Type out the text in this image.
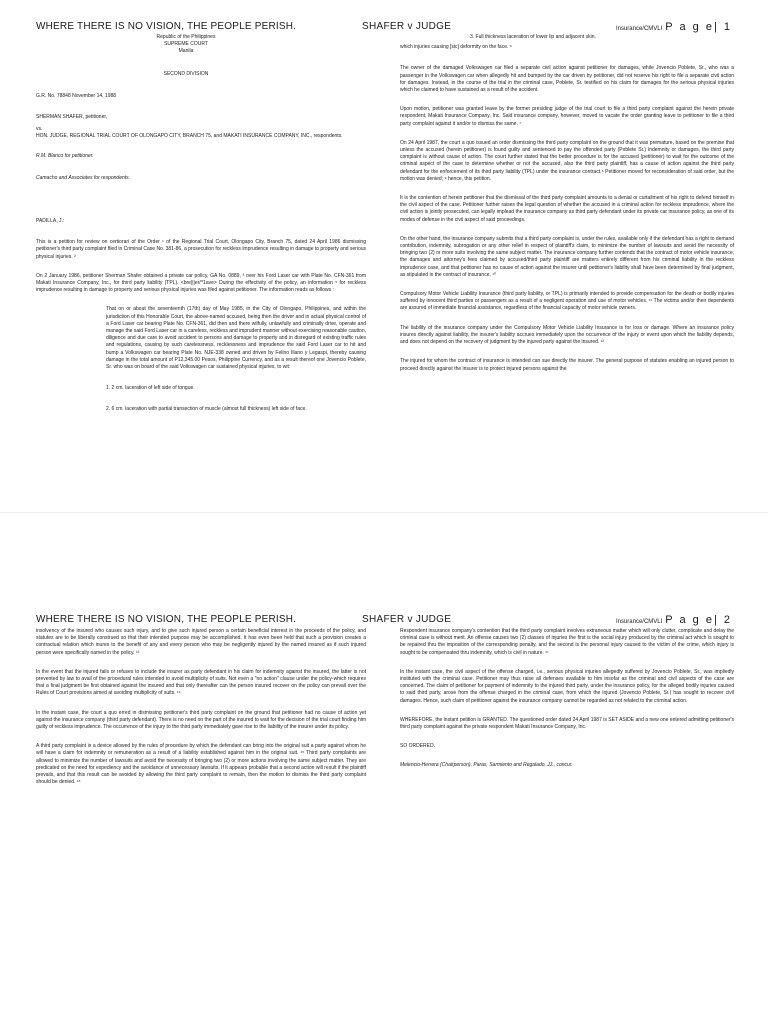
WHERE THERE IS NO VISION, THE PEOPLE PERISH.	SHAFER v JUDGE	Insurance/CMVLI P a g e| 1

Republic of the Philippines

SUPREME COURT

Manila

SECOND DIVISION

G.R. No. 78848 November 14, 1988

SHERMAN SHAFER, petitioner,

vs.

HON. JUDGE, REGIONAL TRIAL COURT OF OLONGAPO CITY, BRANCH 75, and MAKATI INSURANCE COMPANY, INC., respondents.

R.M. Blanco for petitioner.

Camacho and Associates for respondents.

PADILLA, J.:

This is a petition for review on certiorari of the Order ¹ of the Regional Trial Court, Olongapo City, Branch 75, dated 24 April 1986 dismissing petitioner's third party complaint filed in Criminal Case No. 381-86, a prosecution for reckless imprudence resulting in damage to property and serious physical injuries. ²

On 2 January 1986, petitioner Sherman Shafer obtained a private car policy, GA No. 0889, ³ over his Ford Laser car with Plate No. CFN-361 from Makati Insurance Company, Inc., for third party liability (TPL). <bre|||er/^1ave> During the effectivity of the policy, an information ⁵ for reckless imprudence resulting in damage to property and serious physical injuries was filed against petitioner. The information reads as follows :

That on or about the seventeenth (17th) day of May 1985, in the City of Olongapo, Philippines, and within the jurisdiction of this Honorable Court, the above-named accused, being then the driver and in actual physical control of a Ford Laser car bearing Plate No. CFN-361, did then and there wilfully, unlawfully and criminally drive, operate and manage the said Ford Laser car in a careless, reckless and imprudent manner without exercising reasonable caution, diligence and due care to avoid accident to persons and damage to property and in disregard of existing traffic rules and regulations, causing by such carelessness, recklessness and imprudence the said Ford Laser car to hit and bump a Volkswagen car bearing Plate No. NJE-338 owned and driven by Felino Illano y Legaspi, thereby causing damage in the total amount of P12,345.00 Pesos, Philippine Currency, and as a result thereof one Jovencio Poblete, Sr. who was on board of the said Volkswagen car sustained physical injuries, to wit:

1. 2 cm. laceration of left side of tongue.

2. 6 cm. laceration with partial transection of muscle (almost full thickness) left side of face.

3. Full thickness laceration of lower lip and adjacent skin.

which injuries causing [sic] deformity on the face. ⁶

The owner of the damaged Volkswagen car filed a separate civil action against petitioner for damages, while Jovencio Poblete, Sr., who was a passenger in the Volkswagen car when allegedly hit and bumped by the car driven by petitioner, did not reserve his right to file a separate civil action for damages. Instead, in the course of the trial in the criminal case, Poblete, Sr. testified on his claim for damages for the serious physical injuries which he claimed to have sustained as a result of the accident.

Upon motion, petitioner was granted leave by the former presiding judge of the trial court to file a third party complaint against the herein private respondent, Makati Insurance Company, Inc. Said insurance company, however, moved to vacate the order granting leave to petitioner to file a third party complaint against it and/or to dismiss the same. ⁷

On 24 April 1987, the court a quo issued an order dismissing the third party complaint on the ground that it was premature, based on the premise that unless the accused (herein petitioner) is found guilty and sentenced to pay the offended party (Poblete Sr.) indemnity or damages, the third party complaint is without cause of action. The court further stated that the better procedure is for the accused (petitioner) to wait for the outcome of the criminal aspect of the case to determine whether or not the accused, also the third party plaintiff, has a cause of action against the third party defendant for the enforcement of its third party liability (TPL) under the insurance contract.⁸ Petitioner moved for reconsideration of said order, but the motion was denied; ⁹ hence, this petition.

It is the contention of herein petitioner that the dismissal of the third party complaint amounts to a denial or curtailment of his right to defend himself in the civil aspect of the case. Petitioner further raises the legal question of whether the accused in a criminal action for reckless imprudence, where the civil action is jointly prosecuted, can legally implead the insurance company as third party defendant under its private car insurance policy, as one of its modes of defense in the civil aspect of said proceedings.

On the other hand, the insurance company submits that a third party complaint is, under the rules, available only if the defendant has a right to demand contribution, indemnity, subrogation or any other relief in respect of plaintiff's claim, to minimize the number of lawsuits and avoid the necessity of bringing two (2) or more suits involving the same subject matter. The insurance company further contends that the contract of motor vehicle insurance, the damages and attorney's fees claimed by accused/third party plaintiff are matters entirely different from his criminal liability in the reckless imprudence case, and that petitioner has no cause of action against the insurer until petitioner's liability shall have been determined by final judgment, as stipulated in the contract of insurance. ¹⁰

Compulsory Motor Vehicle Liability Insurance (third party liability, or TPL) is primarily intended to provide compensation for the death or bodily injuries suffered by innocent third parties or passengers as a result of a negligent operation and use of motor vehicles. ¹¹ The victims and/or their dependents are assured of immediate financial assistance, regardless of the financial capacity of motor vehicle owners.

The liability of the insurance company under the Compulsory Motor Vehicle Liability Insurance is for loss or damage. Where an insurance policy insures directly against liability, the insurer's liability accrues immediately upon the occurrence of the injury or event upon which the liability depends, and does not depend on the recovery of judgment by the injured party against the insured. ¹²

The injured for whom the contract of insurance is intended can sue directly the insurer. The general purpose of statutes enabling an injured person to proceed directly against the insurer is to protect injured persons against the

WHERE THERE IS NO VISION, THE PEOPLE PERISH.	SHAFER v JUDGE	Insurance/CMVLI P a g e| 2

insolvency of the insured who causes such injury, and to give such injured person a certain beneficial interest in the proceeds of the policy, and statutes are to be liberally construed so that their intended purpose may be accomplished. It has even been held that such a provision creates a contractual relation which inures to the benefit of any and every person who may be negligently injured by the named insured as if such injured person were specifically named in the policy. ¹³

In the event that the injured fails or refuses to include the insurer as party defendant in his claim for indemnity against the insured, the latter is not prevented by law to avail of the procedural rules intended to avoid multiplicity of suits. Not even a "no action" clause under the policy-which requires that a final judgment be first obtained against the insured and that only thereafter can the person insured recover on the policy can prevail over the Rules of Court provisions aimed at avoiding multiplicity of suits. ¹⁴

In the instant case, the court a quo erred in dismissing petitioner's third party complaint on the ground that petitioner had no cause of action yet against the insurance company (third party defendant). There is no need on the part of the insured to wait for the decision of the trial court finding him guilty of reckless imprudence. The occurrence of the injury to the third party immediately gave rise to the liability of the insurer under its policy.

A third party complaint is a device allowed by the rules of procedure by which the defendant can bring into the original suit a party against whom he will have a claim for indemnity or remuneration as a result of a liability established against him in the original suit. ¹⁵ Third party complaints are allowed to minimize the number of lawsuits and avoid the necessity of bringing two (2) or more actions involving the same subject matter. They are predicated on the need for expediency and the avoidance of unnecessary lawsuits. If it appears probable that a second action will result if the plaintiff prevails, and that this result can be avoided by allowing the third party complaint to remain, then the motion to dismiss the third party complaint should be denied. ¹⁶

Respondent insurance company's contention that the third party complaint involves extraneous matter which will only clutter, complicate and delay the criminal case is without merit. An offense causes two (2) classes of injuries the first is the social injury produced by the criminal act which is sought to be repaired thru the imposition of the corresponding penalty, and the second is the personal injury caused to the victim of the crime, which injury is sought to be compensated thru indemnity, which is civil in nature. ¹⁷

In the instant case, the civil aspect of the offense charged, i.e., serious physical injuries allegedly suffered by Jovencio Poblete, Sr., was impliedly instituted with the criminal case. Petitioner may thus raise all defenses available to him insofar as the criminal and civil aspects of the case are concerned. The claim of petitioner for payment of indemnity to the injured third party, under the insurance policy, for the alleged bodily injuries caused to said third party, arose from the offense charged in the criminal case, from which the injured (Jovencio Poblete, Sr.) has sought to recover civil damages. Hence, such claim of petitioner against the insurance company cannot be regarded as not related to the criminal action.

WHEREFORE, the instant petition is GRANTED. The questioned order dated 24 April 1987 is SET ASIDE and a new one entered admitting petitioner's third party complaint against the private respondent Makati Insurance Company, Inc.

SO ORDERED.

Melencio-Herrera (Chairperson), Paras, Sarmiento and Regalado, JJ., concur.
